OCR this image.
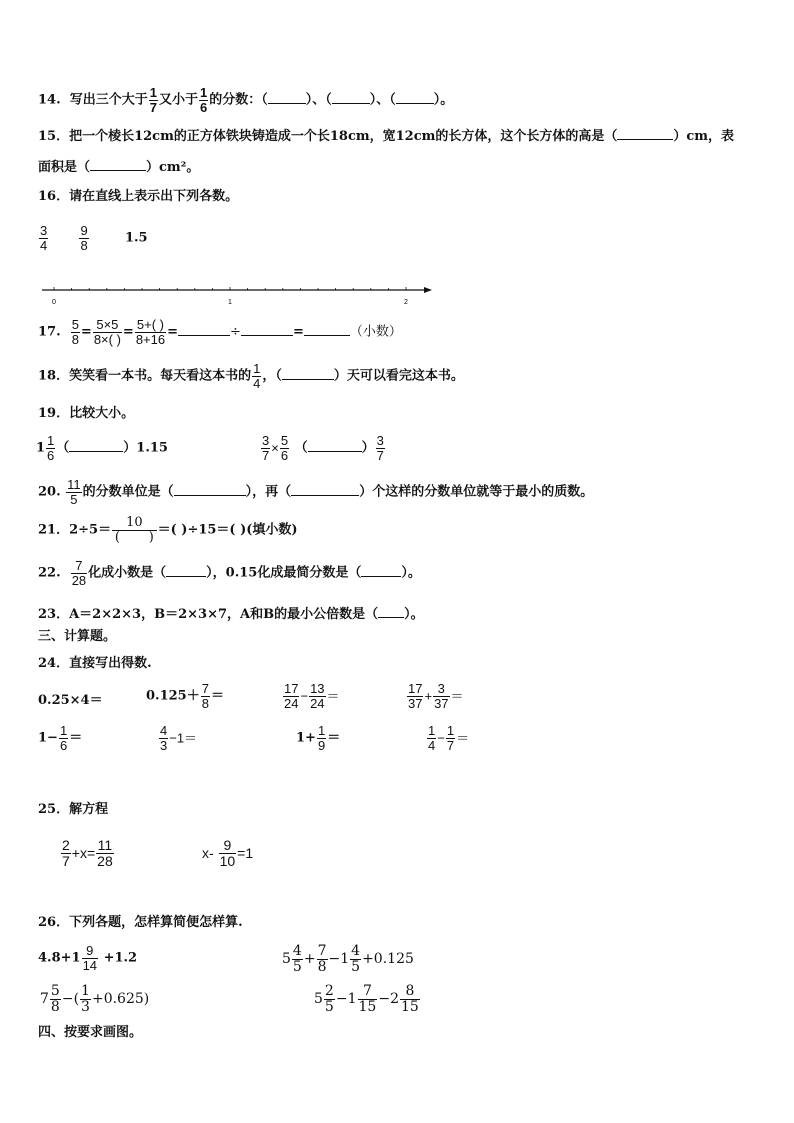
14. 写出三个大于 $\frac{1}{7}$ 又小于 $\frac{1}{6}$ 的分数：（	）、（	）、（	）。
15．把一个棱长12cm的正方体铁块铸造成一个长18cm，宽12cm的长方体，这个长方体的高是（	）cm，表
面积是（	）cm²。
16．请在直线上表示出下列各数。
$\frac{3}{4}$
$\frac{9}{8}$	1.5
0	1	2
17. $\frac{5}{8} = \frac{5\times 5}{8\times( )} = \frac{5+( )}{8+16}$ =	÷	=	（小数）
18．笑笑看一本书。每天看这本书的 $\frac{1}{4}$ ，（	）天可以看完这本书。
19．比较大小。
$1 \frac{1}{6}$ （	）1.15	$\frac{3}{7} \times \frac{5}{6}$ （	） $\frac{3}{7}$
20. $\frac{11}{5}$ 的分数单位是（	），再（	）个这样的分数单位就等于最小的质数。
21．2÷5＝
10
(       ) ＝( )÷15＝( )(填小数)
22. $\frac{7}{28}$ 化成小数是（	），0.15化成最简分数是（	）。
23．A＝2×2×3，B＝2×3×7，A和B的最小公倍数是（ ）。
三、计算题。
24．直接写出得数.
0.25×4＝	$0.125+ \frac{7}{8}$ ＝	$\frac{17}{24} - \frac{13}{24}$ ＝	$\frac{17}{37} + \frac{3}{37}$ ＝
$1- \frac{1}{6}$ ＝	$\frac{4}{3} -1=$	$1+ \frac{1}{9}$ ＝	$\frac{1}{4} - \frac{1}{7}$ ＝
25．解方程
$\frac{2}{7} +x= \frac{11}{28}$	$x- \frac{9}{10} =1$
26．下列各题，怎样算简便怎样算.
$4.8+1 \frac{9}{14} +1.2$	$5 \frac{4}{5} + \frac{7}{8} -1 \frac{4}{5} +0.125$
$7 \frac{5}{8}$ −( $\frac{1}{3} +0.625$)	$5 \frac{2}{5} -1 \frac{7}{15} -2 \frac{8}{15}$
四、按要求画图。
